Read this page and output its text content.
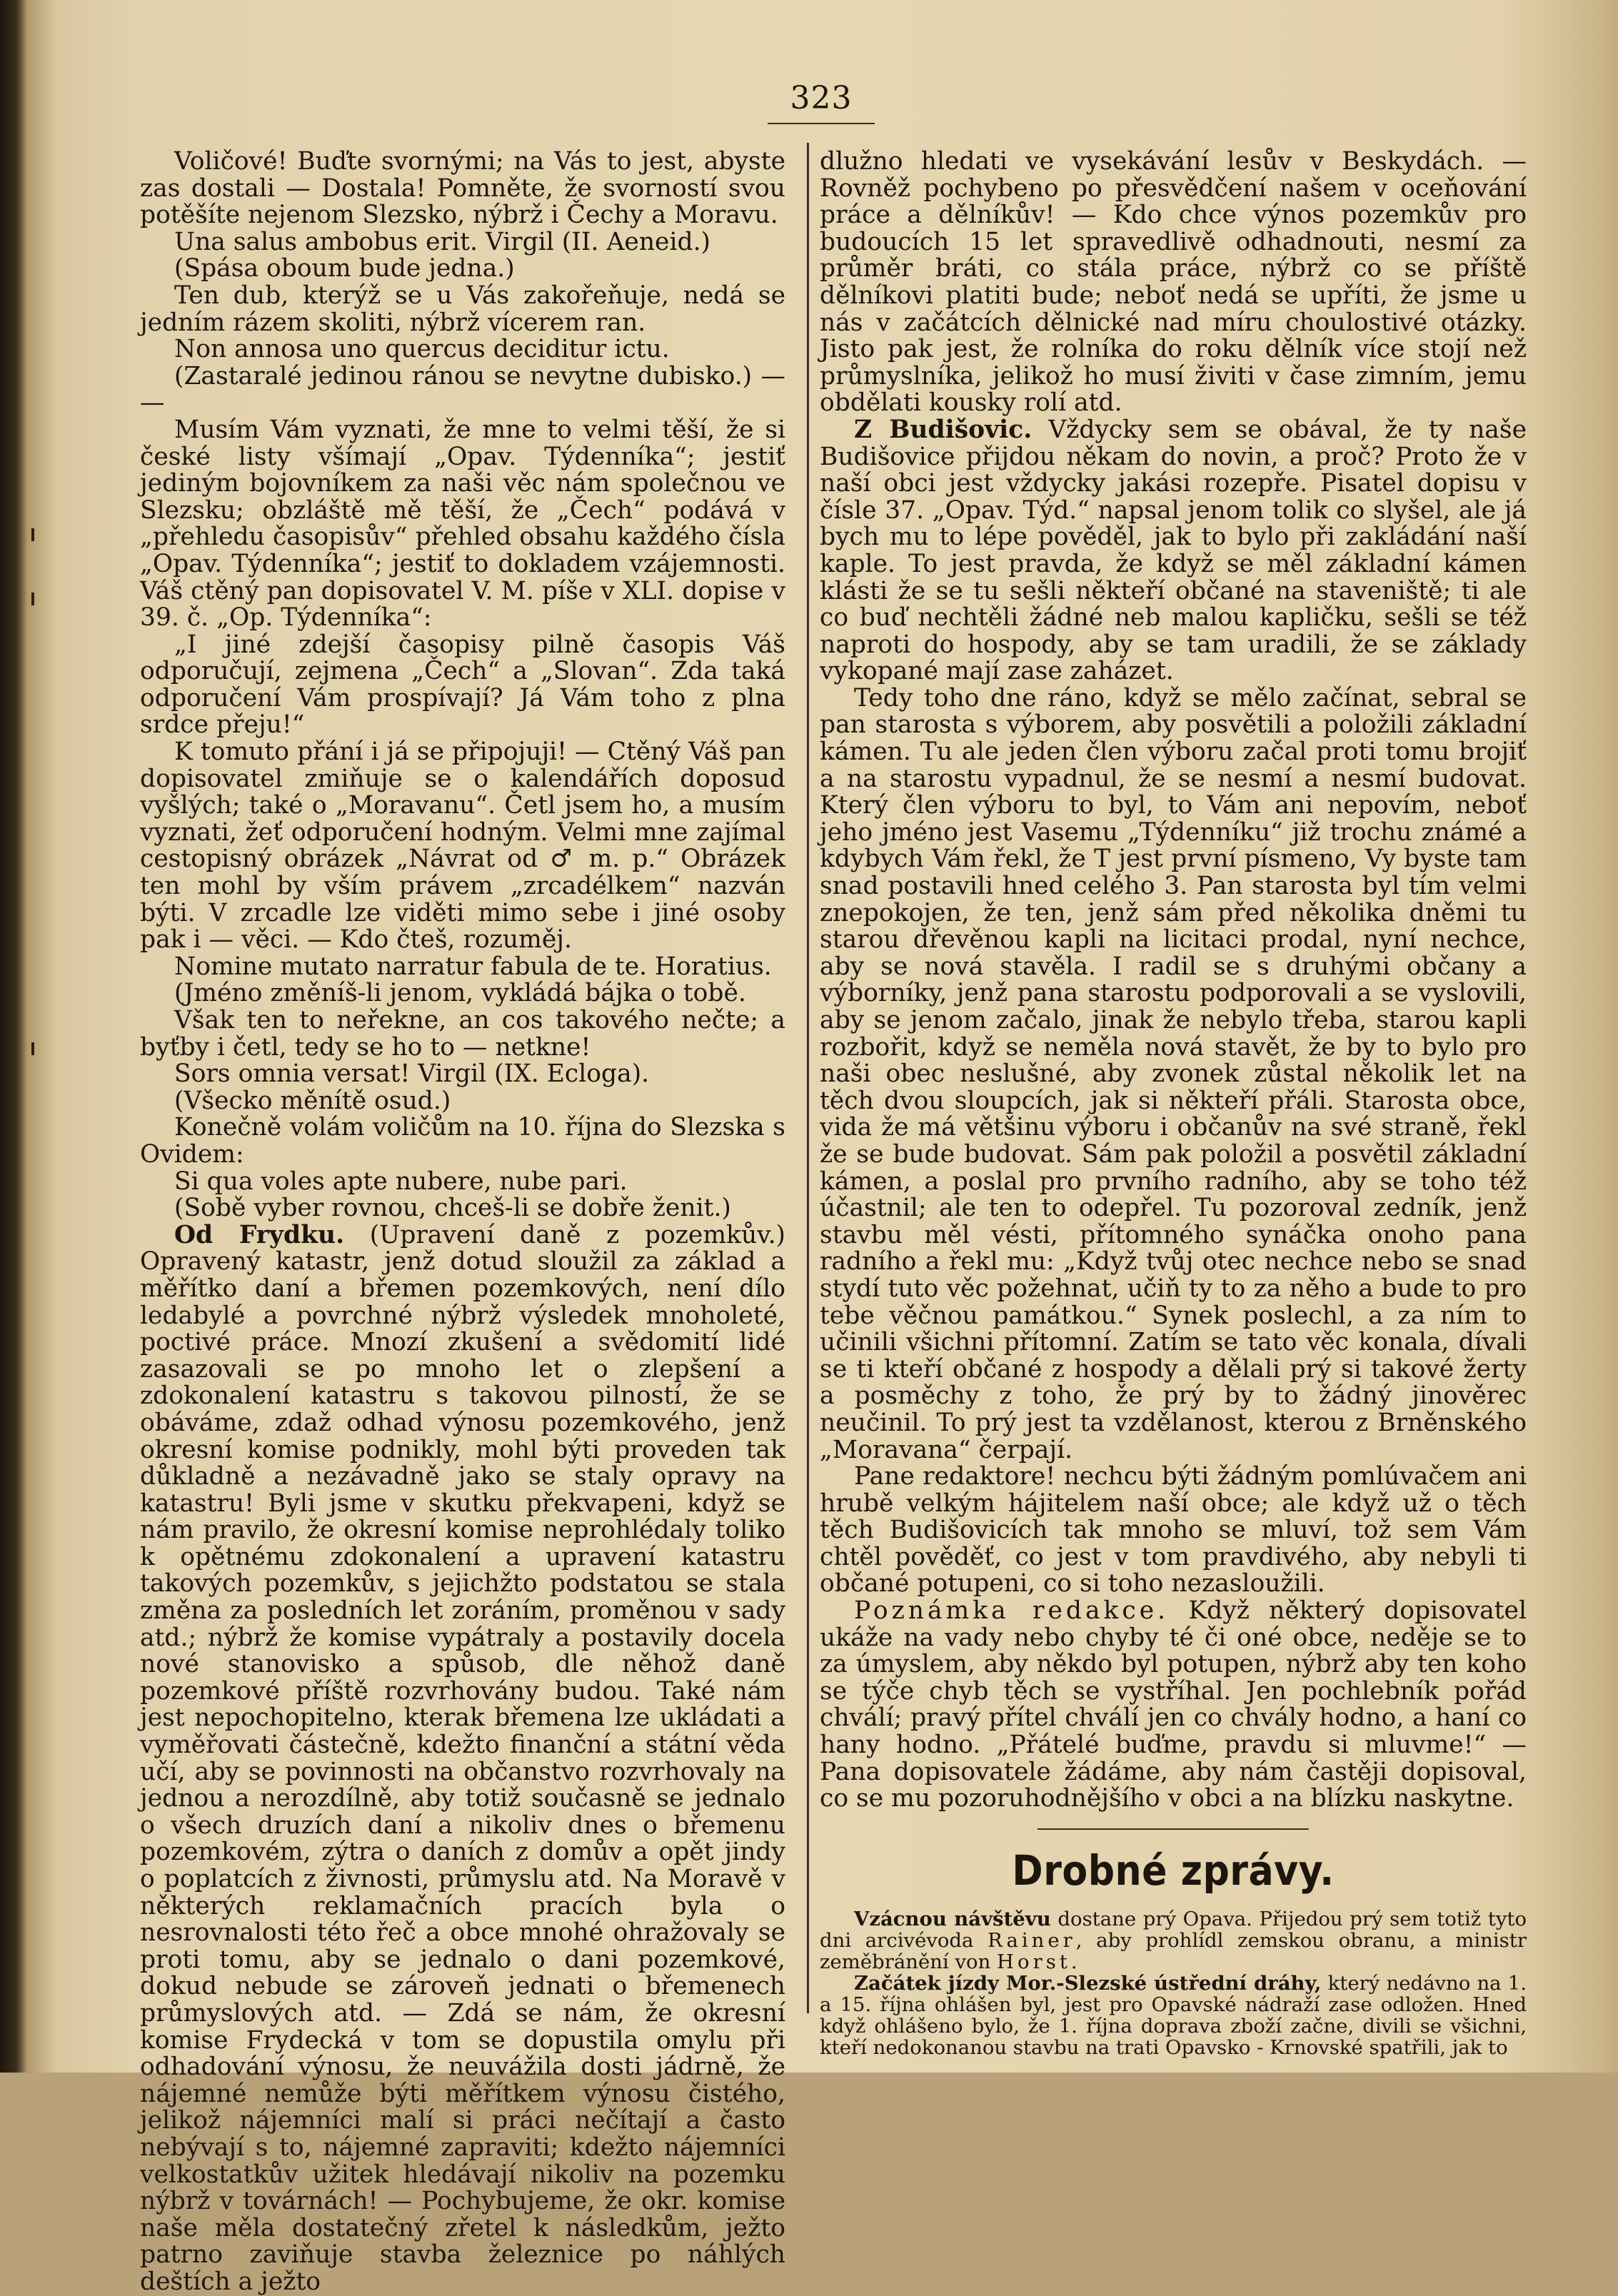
323

Voličové! Buďte svornými; na Vás to jest, abyste zas dostali — Dostala! Pomněte, že svorností svou potěšíte nejenom Slezsko, nýbrž i Čechy a Moravu.

Una salus ambobus erit. Virgil (II. Aeneid.)

(Spása oboum bude jedna.)

Ten dub, kterýž se u Vás zakořeňuje, nedá se jedním rázem skoliti, nýbrž vícerem ran.

Non annosa uno quercus deciditur ictu.

(Zastaralé jedinou ránou se nevytne dubisko.) — —

Musím Vám vyznati, že mne to velmi těší, že si české listy všímají „Opav. Týdenníka“; jestiť jediným bojovníkem za naši věc nám společnou ve Slezsku; obzláště mě těší, že „Čech“ podává v „přehledu časopisův“ přehled obsahu každého čísla „Opav. Týdenníka“; jestiť to dokladem vzájemnosti. Váš ctěný pan dopisovatel V. M. píše v XLI. dopise v 39. č. „Op. Týdenníka“:

„I jiné zdejší časopisy pilně časopis Váš odporučují, zejmena „Čech“ a „Slovan“. Zda taká odporučení Vám prospívají? Já Vám toho z plna srdce přeju!“

K tomuto přání i já se připojuji! — Ctěný Váš pan dopisovatel zmiňuje se o kalendářích doposud vyšlých; také o „Moravanu“. Četl jsem ho, a musím vyznati, žeť odporučení hodným. Velmi mne zajímal cestopisný obrázek „Návrat od ♂ m. p.“ Obrázek ten mohl by vším právem „zrcadélkem“ nazván býti. V zrcadle lze viděti mimo sebe i jiné osoby pak i — věci. — Kdo čteš, rozuměj.

Nomine mutato narratur fabula de te. Horatius.

(Jméno změníš-li jenom, vykládá bájka o tobě.

Však ten to neřekne, an cos takového nečte; a byťby i četl, tedy se ho to — netkne!

Sors omnia versat! Virgil (IX. Ecloga).

(Všecko měnítě osud.)

Konečně volám voličům na 10. října do Slezska s Ovidem:

Si qua voles apte nubere, nube pari.

(Sobě vyber rovnou, chceš-li se dobře ženit.)

Od Frydku. (Upravení daně z pozemkův.) Opravený katastr, jenž dotud sloužil za základ a měřítko daní a břemen pozemkových, není dílo ledabylé a povrchné nýbrž výsledek mnoholeté, poctivé práce. Mnozí zkušení a svědomití lidé zasazovali se po mnoho let o zlepšení a zdokonalení katastru s takovou pilností, že se obáváme, zdaž odhad výnosu pozemkového, jenž okresní komise podnikly, mohl býti proveden tak důkladně a nezávadně jako se staly opravy na katastru! Byli jsme v skutku překvapeni, když se nám pravilo, že okresní komise neprohlédaly toliko k opětnému zdokonalení a upravení katastru takových pozemkův, s jejichžto podstatou se stala změna za posledních let zoráním, proměnou v sady atd.; nýbrž že komise vypátraly a postavily docela nové stanovisko a spůsob, dle něhož daně pozemkové příště rozvrhovány budou. Také nám jest nepochopitelno, kterak břemena lze ukládati a vyměřovati částečně, kdežto finanční a státní věda učí, aby se povinnosti na občanstvo rozvrhovaly na jednou a nerozdílně, aby totiž současně se jednalo o všech druzích daní a nikoliv dnes o břemenu pozemkovém, zýtra o daních z domův a opět jindy o poplatcích z živnosti, průmyslu atd. Na Moravě v některých reklamačních pracích byla o nesrovnalosti této řeč a obce mnohé ohražovaly se proti tomu, aby se jednalo o dani pozemkové, dokud nebude se zároveň jednati o břemenech průmyslových atd. — Zdá se nám, že okresní komise Frydecká v tom se dopustila omylu při odhadování výnosu, že neuvážila dosti jádrně, že nájemné nemůže býti měřítkem výnosu čistého, jelikož nájemníci malí si práci nečítají a často nebývají s to, nájemné zapraviti; kdežto nájemníci velkostatkův užitek hledávají nikoliv na pozemku nýbrž v továrnách! — Pochybujeme, že okr. komise naše měla dostatečný zřetel k následkům, ježto patrno zaviňuje stavba železnice po náhlých deštích a ježto

dlužno hledati ve vysekávání lesův v Beskydách. — Rovněž pochybeno po přesvědčení našem v oceňování práce a dělníkův! — Kdo chce výnos pozemkův pro budoucích 15 let spravedlivě odhadnouti, nesmí za průměr bráti, co stála práce, nýbrž co se příště dělníkovi platiti bude; neboť nedá se upříti, že jsme u nás v začátcích dělnické nad míru choulostivé otázky. Jisto pak jest, že rolníka do roku dělník více stojí než průmyslníka, jelikož ho musí živiti v čase zimním, jemu obdělati kousky rolí atd.

Z Budišovic. Vždycky sem se obával, že ty naše Budišovice přijdou někam do novin, a proč? Proto že v naší obci jest vždycky jakási rozepře. Pisatel dopisu v čísle 37. „Opav. Týd.“ napsal jenom tolik co slyšel, ale já bych mu to lépe pověděl, jak to bylo při zakládání naší kaple. To jest pravda, že když se měl základní kámen klásti že se tu sešli někteří občané na staveniště; ti ale co buď nechtěli žádné neb malou kapličku, sešli se též naproti do hospody, aby se tam uradili, že se základy vykopané mají zase zaházet.

Tedy toho dne ráno, když se mělo začínat, sebral se pan starosta s výborem, aby posvětili a položili základní kámen. Tu ale jeden člen výboru začal proti tomu brojiť a na starostu vypadnul, že se nesmí a nesmí budovat. Který člen výboru to byl, to Vám ani nepovím, neboť jeho jméno jest Vasemu „Týdenníku“ již trochu známé a kdybych Vám řekl, že T jest první písmeno, Vy byste tam snad postavili hned celého 3. Pan starosta byl tím velmi znepokojen, že ten, jenž sám před několika dněmi tu starou dřevěnou kapli na licitaci prodal, nyní nechce, aby se nová stavěla. I radil se s druhými občany a výborníky, jenž pana starostu podporovali a se vyslovili, aby se jenom začalo, jinak že nebylo třeba, starou kapli rozbořit, když se neměla nová stavět, že by to bylo pro naši obec neslušné, aby zvonek zůstal několik let na těch dvou sloupcích, jak si někteří přáli. Starosta obce, vida že má většinu výboru i občanův na své straně, řekl že se bude budovat. Sám pak položil a posvětil základní kámen, a poslal pro prvního radního, aby se toho též účastnil; ale ten to odepřel. Tu pozoroval zedník, jenž stavbu měl vésti, přítomného synáčka onoho pana radního a řekl mu: „Když tvůj otec nechce nebo se snad stydí tuto věc požehnat, učiň ty to za něho a bude to pro tebe věčnou památkou.“ Synek poslechl, a za ním to učinili všichni přítomní. Zatím se tato věc konala, dívali se ti kteří občané z hospody a dělali prý si takové žerty a posměchy z toho, že prý by to žádný jinověrec neučinil. To prý jest ta vzdělanost, kterou z Brněnského „Moravana“ čerpají.

Pane redaktore! nechcu býti žádným pomlúvačem ani hrubě velkým hájitelem naší obce; ale když už o těch těch Budišovicích tak mnoho se mluví, tož sem Vám chtěl pověděť, co jest v tom pravdivého, aby nebyli ti občané potupeni, co si toho nezasloužili.

Poznámka redakce. Když některý dopisovatel ukáže na vady nebo chyby té či oné obce, neděje se to za úmyslem, aby někdo byl potupen, nýbrž aby ten koho se týče chyb těch se vystříhal. Jen pochlebník pořád chválí; pravý přítel chválí jen co chvály hodno, a haní co hany hodno. „Přátelé buďme, pravdu si mluvme!“ — Pana dopisovatele žádáme, aby nám častěji dopisoval, co se mu pozoruhodnějšího v obci a na blízku naskytne.

Drobné zprávy.

Vzácnou návštěvu dostane prý Opava. Přijedou prý sem totiž tyto dni arcivévoda Rainer, aby prohlídl zemskou obranu, a ministr zeměbránění von Horst.

Začátek jízdy Mor.-Slezské ústřední dráhy, který nedávno na 1. a 15. října ohlášen byl, jest pro Opavské nádraží zase odložen. Hned když ohlášeno bylo, že 1. října doprava zboží začne, divili se všichni, kteří nedokonanou stavbu na trati Opavsko - Krnovské spatřili, jak to
